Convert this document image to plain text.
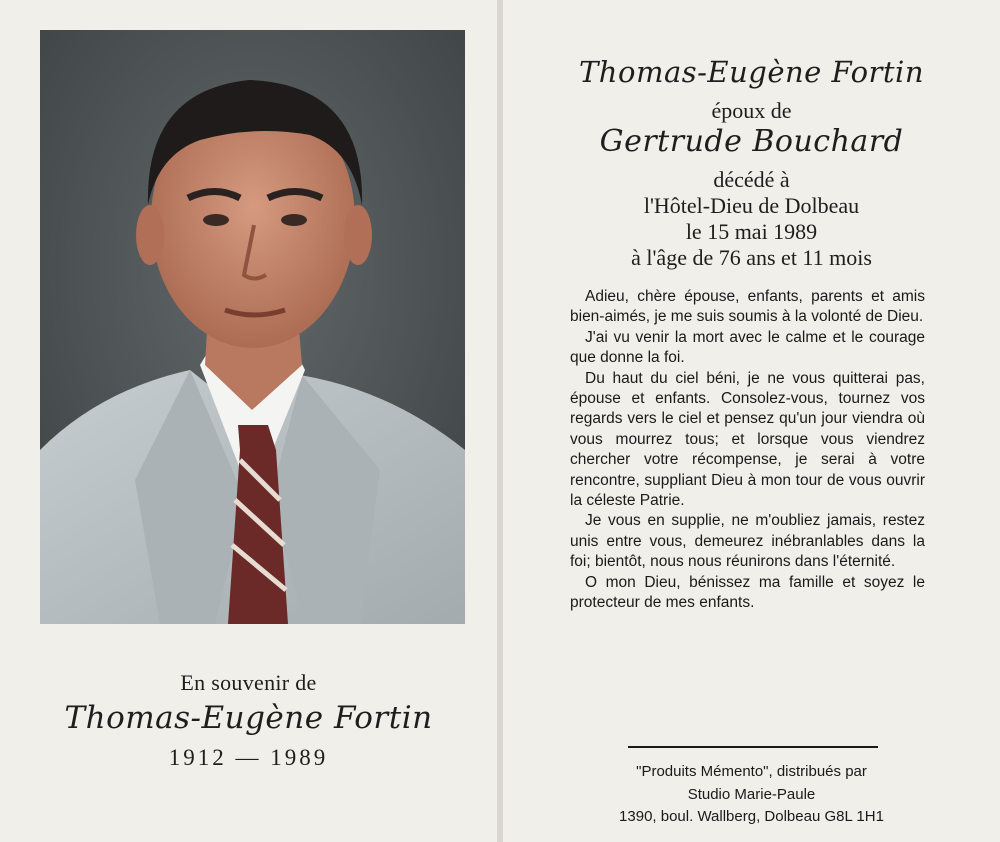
En souvenir de
Thomas-Eugène Fortin
1912 — 1989
Thomas-Eugène Fortin
époux de
Gertrude Bouchard
décédé à
l'Hôtel-Dieu de Dolbeau
le 15 mai 1989
à l'âge de 76 ans et 11 mois

Adieu, chère épouse, enfants, parents et amis bien-aimés, je me suis soumis à la volonté de Dieu.

J'ai vu venir la mort avec le calme et le courage que donne la foi.

Du haut du ciel béni, je ne vous quitterai pas, épouse et enfants. Consolez-vous, tournez vos regards vers le ciel et pensez qu'un jour viendra où vous mourrez tous; et lorsque vous viendrez chercher votre récompense, je serai à votre rencontre, suppliant Dieu à mon tour de vous ouvrir la céleste Patrie.

Je vous en supplie, ne m'oubliez jamais, restez unis entre vous, demeurez inébranlables dans la foi; bientôt, nous nous réunirons dans l'éternité.

O mon Dieu, bénissez ma famille et soyez le protecteur de mes enfants.

"Produits Mémento", distribués par
Studio Marie-Paule
1390, boul. Wallberg, Dolbeau G8L 1H1
